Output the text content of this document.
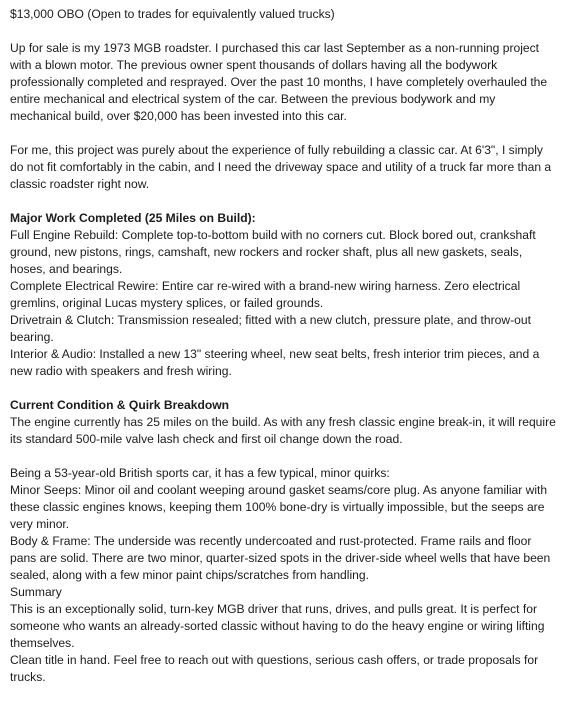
$13,000 OBO (Open to trades for equivalently valued trucks)

Up for sale is my 1973 MGB roadster. I purchased this car last September as a non-running project with a blown motor. The previous owner spent thousands of dollars having all the bodywork professionally completed and resprayed. Over the past 10 months, I have completely overhauled the entire mechanical and electrical system of the car. Between the previous bodywork and my mechanical build, over $20,000 has been invested into this car.

For me, this project was purely about the experience of fully rebuilding a classic car. At 6'3", I simply do not fit comfortably in the cabin, and I need the driveway space and utility of a truck far more than a classic roadster right now.

Major Work Completed (25 Miles on Build):

Full Engine Rebuild: Complete top-to-bottom build with no corners cut. Block bored out, crankshaft ground, new pistons, rings, camshaft, new rockers and rocker shaft, plus all new gaskets, seals, hoses, and bearings.

Complete Electrical Rewire: Entire car re-wired with a brand-new wiring harness. Zero electrical gremlins, original Lucas mystery splices, or failed grounds.

Drivetrain & Clutch: Transmission resealed; fitted with a new clutch, pressure plate, and throw-out bearing.

Interior & Audio: Installed a new 13" steering wheel, new seat belts, fresh interior trim pieces, and a new radio with speakers and fresh wiring.

Current Condition & Quirk Breakdown

The engine currently has 25 miles on the build. As with any fresh classic engine break-in, it will require its standard 500-mile valve lash check and first oil change down the road.

Being a 53-year-old British sports car, it has a few typical, minor quirks:

Minor Seeps: Minor oil and coolant weeping around gasket seams/core plug. As anyone familiar with these classic engines knows, keeping them 100% bone-dry is virtually impossible, but the seeps are very minor.

Body & Frame: The underside was recently undercoated and rust-protected. Frame rails and floor pans are solid. There are two minor, quarter-sized spots in the driver-side wheel wells that have been sealed, along with a few minor paint chips/scratches from handling.

Summary

This is an exceptionally solid, turn-key MGB driver that runs, drives, and pulls great. It is perfect for someone who wants an already-sorted classic without having to do the heavy engine or wiring lifting themselves.

Clean title in hand. Feel free to reach out with questions, serious cash offers, or trade proposals for trucks.
